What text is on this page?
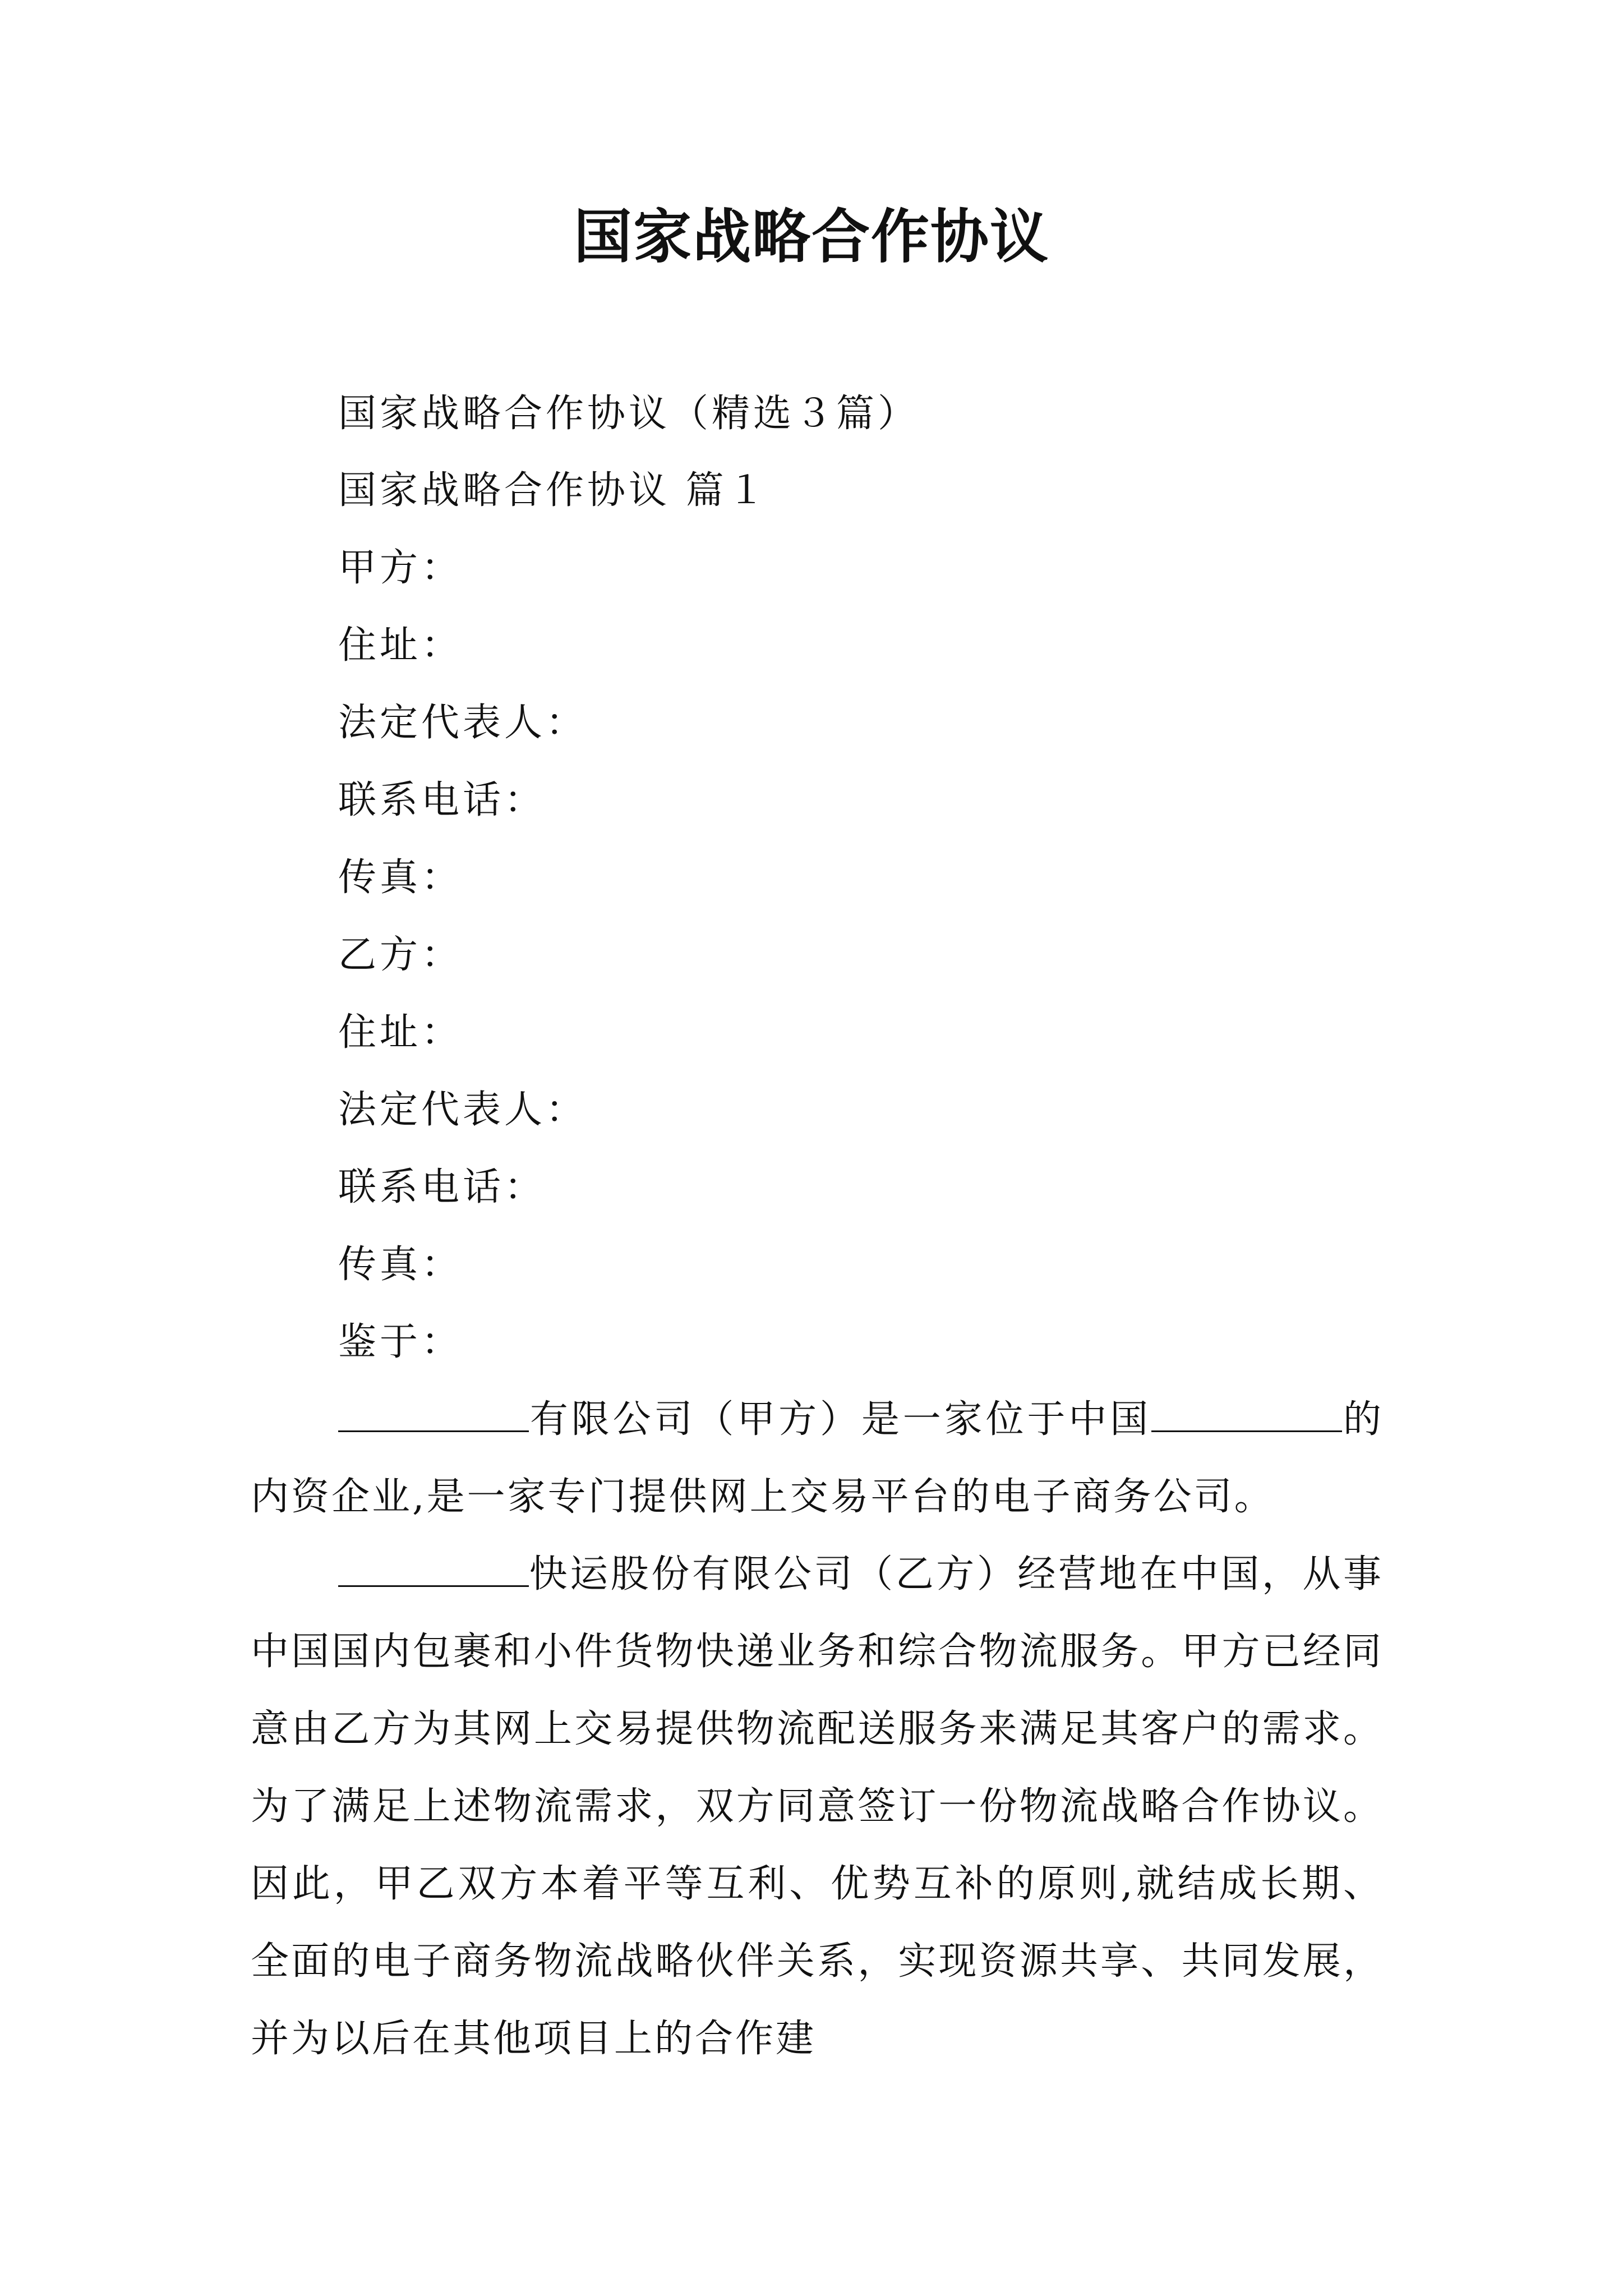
国家战略合作协议
国家战略合作协议（精选３篇）
国家战略合作协议 篇１
甲方：
住址：
法定代表人：
联系电话：
传真：
乙方：
住址：
法定代表人：
联系电话：
传真：
鉴于：
有限公司（甲方）是一家位于中国	的内资企业,是一家专门提供网上交易平台的电子商务公司。
快运股份有限公司（乙方）经营地在中国，从事中国国内包裹和小件货物快递业务和综合物流服务。甲方已经同意由乙方为其网上交易提供物流配送服务来满足其客户的需求。为了满足上述物流需求，双方同意签订一份物流战略合作协议。因此，甲乙双方本着平等互利、优势互补的原则,就结成长期、全面的电子商务物流战略伙伴关系，实现资源共享、共同发展，并为以后在其他项目上的合作建
